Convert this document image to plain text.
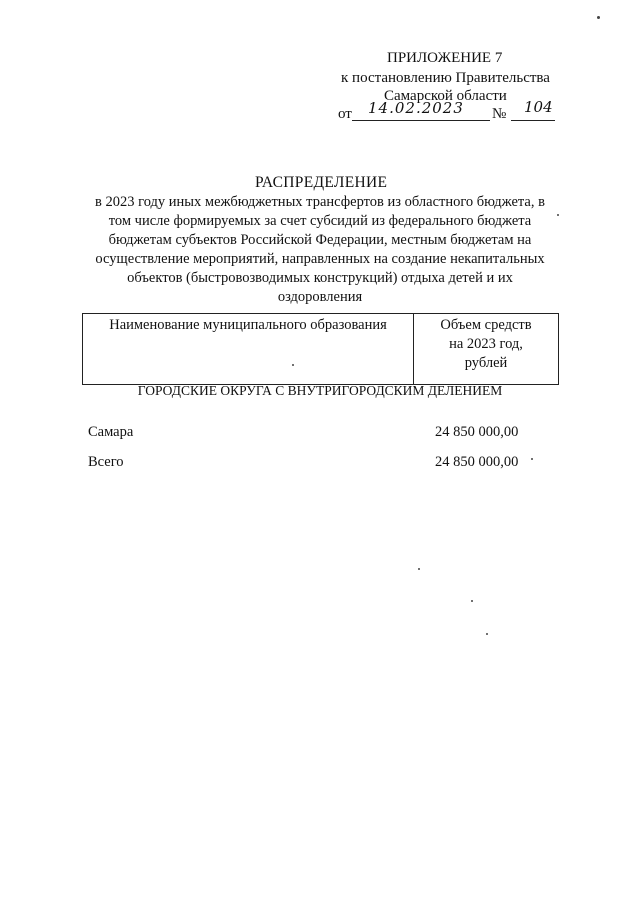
ПРИЛОЖЕНИЕ 7
к постановлению Правительства
Самарской области
от 14.02.2023 № 104
РАСПРЕДЕЛЕНИЕ
в 2023 году иных межбюджетных трансфертов из областного бюджета, в
том числе формируемых за счет субсидий из федерального бюджета
бюджетам субъектов Российской Федерации, местным бюджетам на
осуществление мероприятий, направленных на создание некапитальных
объектов (быстровозводимых конструкций) отдыха детей и их
оздоровления
Наименование муниципального образования	Объем средств
на 2023 год,
рублей
ГОРОДСКИЕ ОКРУГА С ВНУТРИГОРОДСКИМ ДЕЛЕНИЕМ
Самара	24 850 000,00
Всего	24 850 000,00
